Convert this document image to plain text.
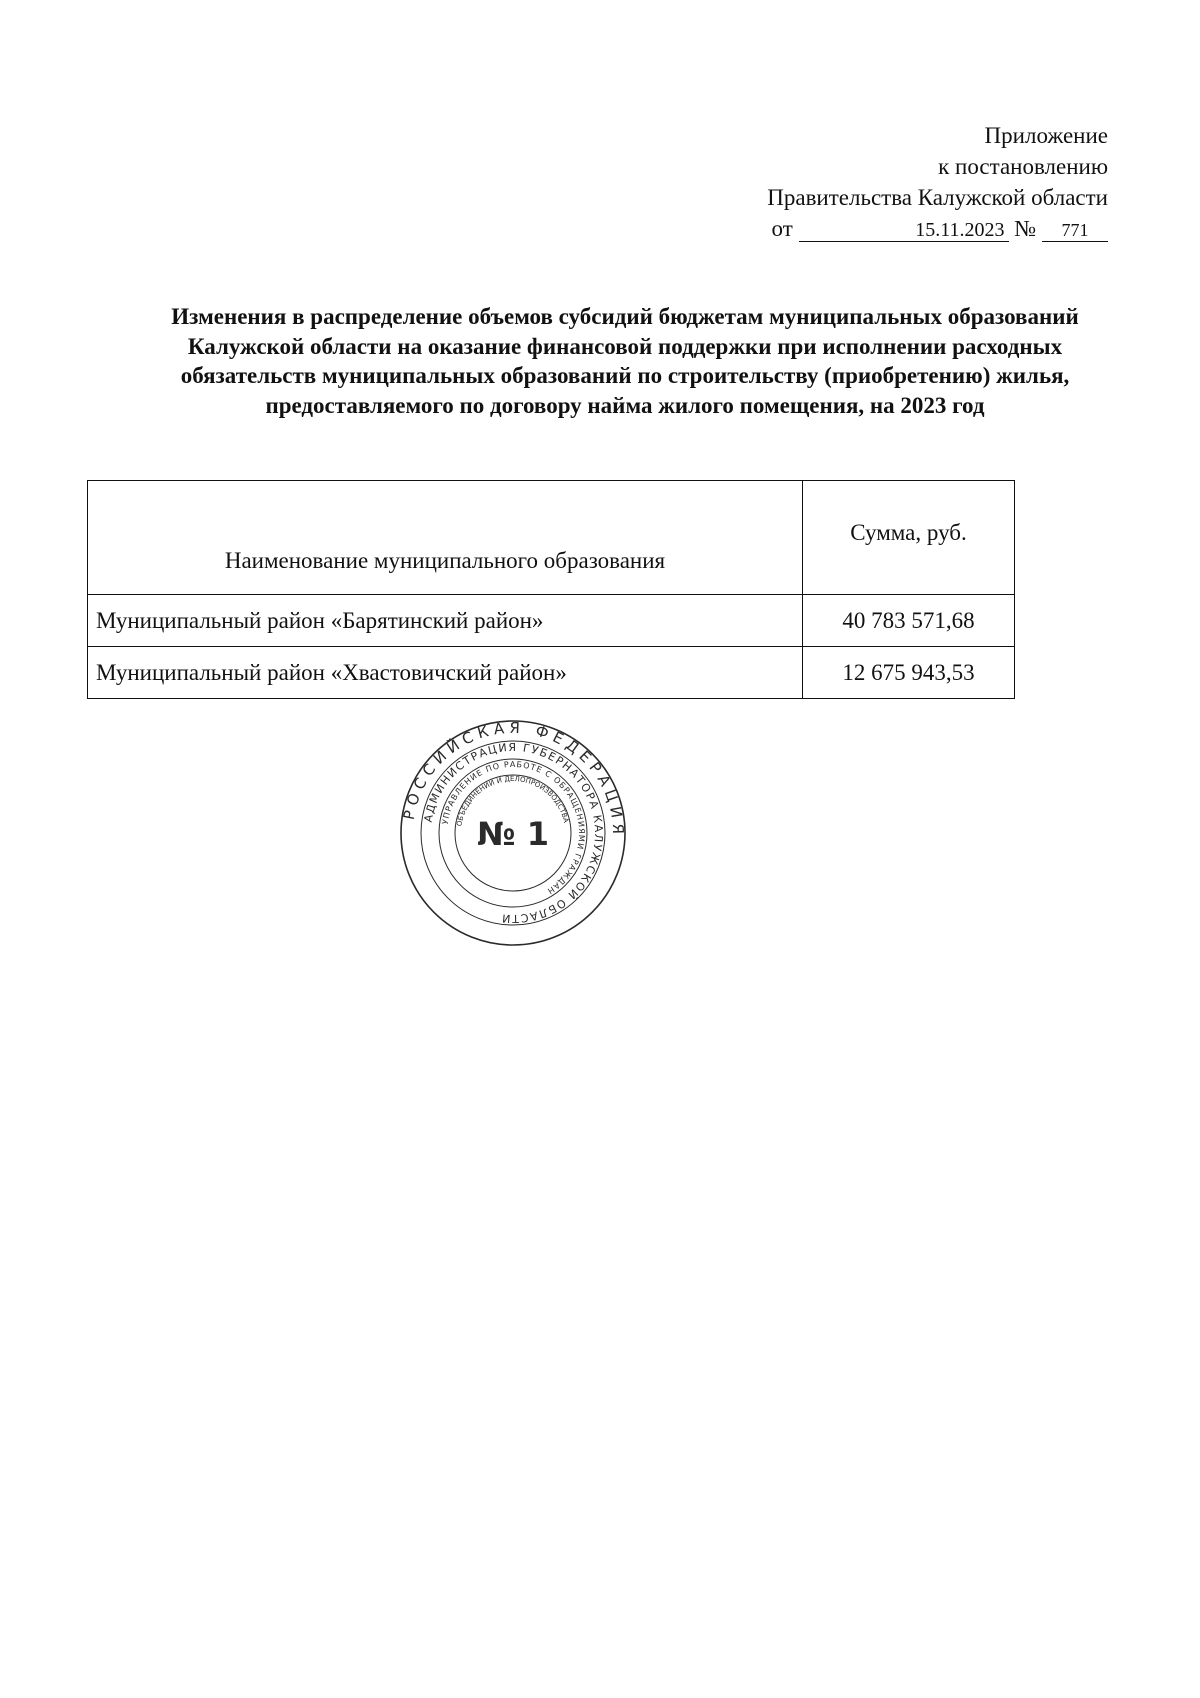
Приложение
к постановлению
Правительства Калужской области
от	15.11.2023 № 771

Изменения в распределение объемов субсидий бюджетам муниципальных образований Калужской области на оказание финансовой поддержки при исполнении расходных обязательств муниципальных образований по строительству (приобретению) жилья, предоставляемого по договору найма жилого помещения, на 2023 год

Наименование муниципального образования	Сумма, руб.
Муниципальный район «Барятинский район»	40 783 571,68
Муниципальный район «Хвастовичский район»	12 675 943,53
РОССИЙСКАЯ ФЕДЕРАЦИЯ
АДМИНИСТРАЦИЯ ГУБЕРНАТОРА КАЛУЖСКОЙ ОБЛАСТИ
УПРАВЛЕНИЕ ПО РАБОТЕ С ОБРАЩЕНИЯМИ ГРАЖДАН
ОБЪЕДИНЕНИЙ И ДЕЛОПРОИЗВОДСТВА
№ 1
